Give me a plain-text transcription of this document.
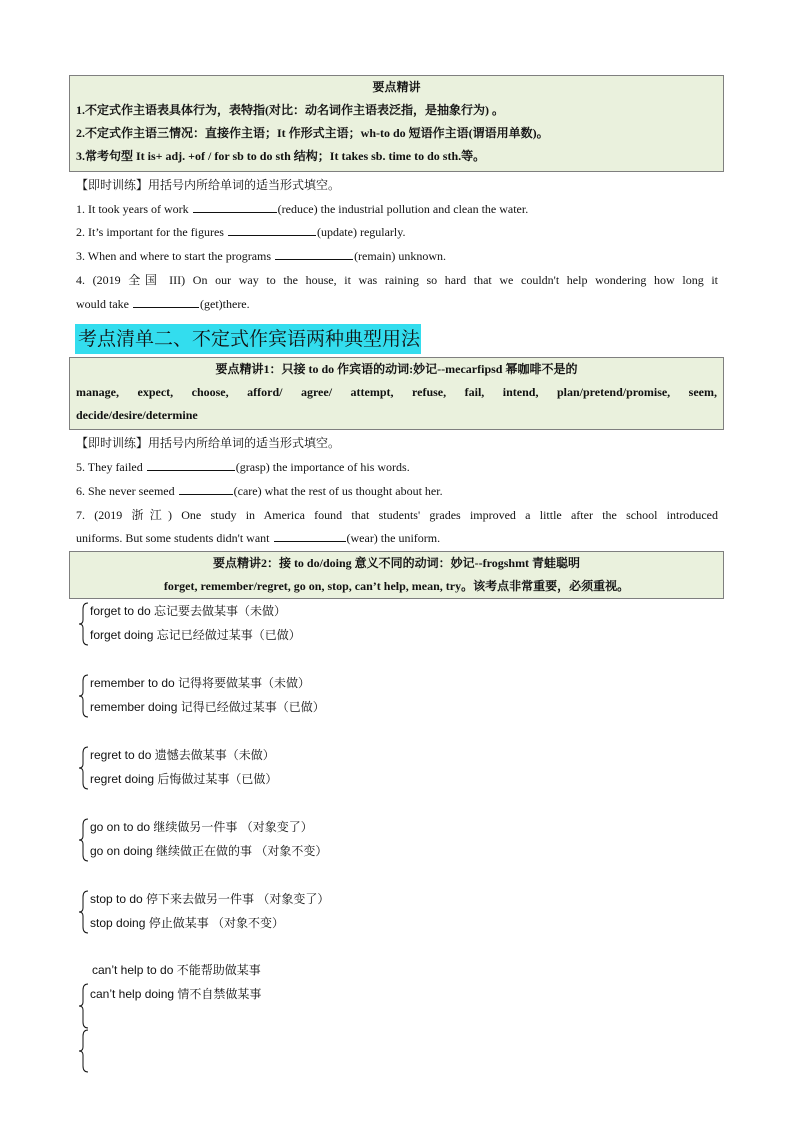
要点精讲
1.不定式作主语表具体行为，表特指(对比：动名词作主语表泛指，是抽象行为) 。
2.不定式作主语三情况：直接作主语；It 作形式主语；wh-to do 短语作主语(谓语用单数)。
3.常考句型 It is+ adj. +of / for sb to do sth 结构；It takes sb. time to do sth.等。
【即时训练】用括号内所给单词的适当形式填空。
1. It took years of work	(reduce) the industrial pollution and clean the water.
2. It’s important for the figures	(update) regularly.
3. When and where to start the programs	(remain) unknown.
4. (2019 全国 III) On our way to the house, it was raining so hard that we couldn't help wondering how long it
would take	(get)there.
考点清单二、不定式作宾语两种典型用法
要点精讲1：只接 to do 作宾语的动词:妙记--mecarfipsd 幂咖啡不是的
manage, expect, choose, afford/ agree/ attempt, refuse, fail, intend, plan/pretend/promise, seem,
decide/desire/determine
【即时训练】用括号内所给单词的适当形式填空。
5. They failed	(grasp) the importance of his words.
6. She never seemed	(care) what the rest of us thought about her.
7. (2019 浙江) One study in America found that students' grades improved a little after the school introduced
uniforms. But some students didn't want	(wear) the uniform.
要点精讲2：接 to do/doing 意义不同的动词：妙记--frogshmt 青蛙聪明
forget, remember/regret, go on, stop, can’t help, mean, try。该考点非常重要，必须重视。
forget to do 忘记要去做某事（未做）
forget doing 忘记已经做过某事（已做）
remember to do 记得将要做某事（未做）
remember doing 记得已经做过某事（已做）
regret to do 遗憾去做某事（未做）
regret doing 后悔做过某事（已做）
go on to do 继续做另一件事 （对象变了）
go on doing 继续做正在做的事 （对象不变）
stop to do 停下来去做另一件事 （对象变了）
stop doing 停止做某事 （对象不变）
can’t help to do 不能帮助做某事
can’t help doing 情不自禁做某事
